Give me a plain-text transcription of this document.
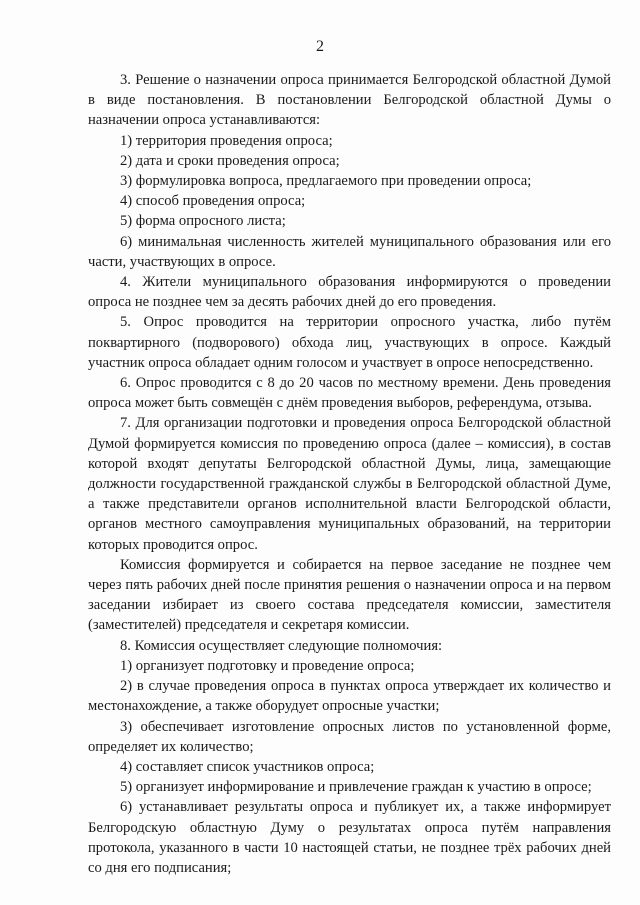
2

3. Решение о назначении опроса принимается Белгородской областной Думой в виде постановления. В постановлении Белгородской областной Думы о назначении опроса устанавливаются:

1) территория проведения опроса;

2) дата и сроки проведения опроса;

3) формулировка вопроса, предлагаемого при проведении опроса;

4) способ проведения опроса;

5) форма опросного листа;

6) минимальная численность жителей муниципального образования или его части, участвующих в опросе.

4. Жители муниципального образования информируются о проведении опроса не позднее чем за десять рабочих дней до его проведения.

5. Опрос проводится на территории опросного участка, либо путём поквартирного (подворового) обхода лиц, участвующих в опросе. Каждый участник опроса обладает одним голосом и участвует в опросе непосредственно.

6. Опрос проводится с 8 до 20 часов по местному времени. День проведения опроса может быть совмещён с днём проведения выборов, референдума, отзыва.

7. Для организации подготовки и проведения опроса Белгородской областной Думой формируется комиссия по проведению опроса (далее – комиссия), в состав которой входят депутаты Белгородской областной Думы, лица, замещающие должности государственной гражданской службы в Белгородской областной Думе, а также представители органов исполнительной власти Белгородской области, органов местного самоуправления муниципальных образований, на территории которых проводится опрос.

Комиссия формируется и собирается на первое заседание не позднее чем через пять рабочих дней после принятия решения о назначении опроса и на первом заседании избирает из своего состава председателя комиссии, заместителя (заместителей) председателя и секретаря комиссии.

8. Комиссия осуществляет следующие полномочия:

1) организует подготовку и проведение опроса;

2) в случае проведения опроса в пунктах опроса утверждает их количество и местонахождение, а также оборудует опросные участки;

3) обеспечивает изготовление опросных листов по установленной форме, определяет их количество;

4) составляет список участников опроса;

5) организует информирование и привлечение граждан к участию в опросе;

6) устанавливает результаты опроса и публикует их, а также информирует Белгородскую областную Думу о результатах опроса путём направления протокола, указанного в части 10 настоящей статьи, не позднее трёх рабочих дней со дня его подписания;
